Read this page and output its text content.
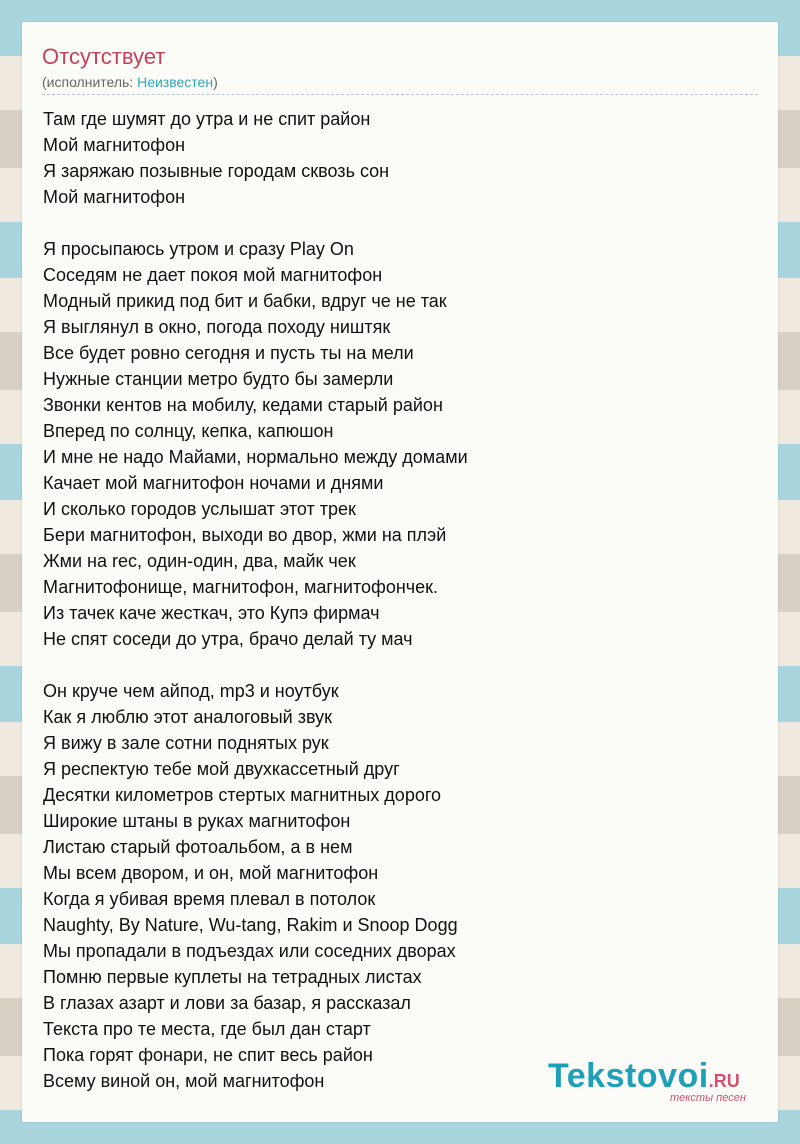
Отсутствует
(исполнитель: Неизвестен)
Там где шумят до утра и не спит район
Мой магнитофон
Я заряжаю позывные городам сквозь сон
Мой магнитофон
Я просыпаюсь утром и сразу Play On
Соседям не дает покоя мой магнитофон
Модный прикид под бит и бабки, вдруг че не так
Я выглянул в окно, погода походу ништяк
Все будет ровно сегодня и пусть ты на мели
Нужные станции метро будто бы замерли
Звонки кентов на мобилу, кедами старый район
Вперед по солнцу, кепка, капюшон
И мне не надо Майами, нормально между домами
Качает мой магнитофон ночами и днями
И сколько городов услышат этот трек
Бери магнитофон, выходи во двор, жми на плэй
Жми на rec, один-один, два, майк чек
Магнитофонище, магнитофон, магнитофончек.
Из тачек каче жесткач, это Купэ фирмач
Не спят соседи до утра, брачо делай ту мач
Он круче чем айпод, mp3 и ноутбук
Как я люблю этот аналоговый звук
Я вижу в зале сотни поднятых рук
Я респектую тебе мой двухкассетный друг
Десятки километров стертых магнитных дорого
Широкие штаны в руках магнитофон
Листаю старый фотоальбом, а в нем
Мы всем двором, и он, мой магнитофон
Когда я убивая время плевал в потолок
Naughty, By Nature, Wu-tang, Rakim и Snoop Dogg
Мы пропадали в подъездах или соседних дворах
Помню первые куплеты на тетрадных листах
В глазах азарт и лови за базар, я рассказал
Текста про те места, где был дан старт
Пока горят фонари, не спит весь район
Всему виной он, мой магнитофон	Tekstovoi.RU
тексты песен
